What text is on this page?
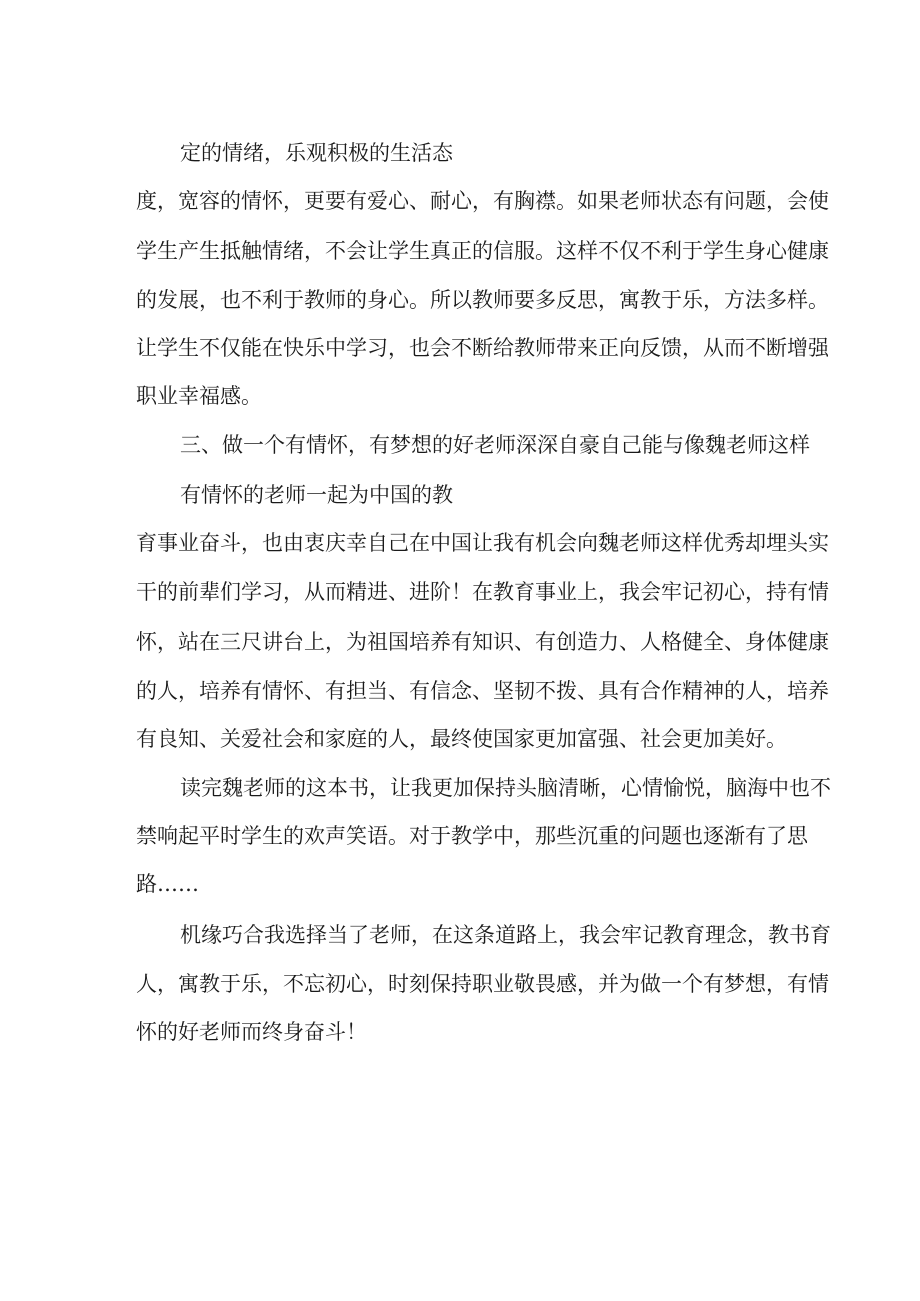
定的情绪，乐观积极的生活态

度，宽容的情怀，更要有爱心、耐心，有胸襟。如果老师状态有问题，会使

学生产生抵触情绪，不会让学生真正的信服。这样不仅不利于学生身心健康

的发展，也不利于教师的身心。所以教师要多反思，寓教于乐，方法多样。

让学生不仅能在快乐中学习，也会不断给教师带来正向反馈，从而不断增强

职业幸福感。

三、做一个有情怀，有梦想的好老师深深自豪自己能与像魏老师这样

有情怀的老师一起为中国的教

育事业奋斗，也由衷庆幸自己在中国让我有机会向魏老师这样优秀却埋头实

干的前辈们学习，从而精进、进阶！在教育事业上，我会牢记初心，持有情

怀，站在三尺讲台上，为祖国培养有知识、有创造力、人格健全、身体健康

的人，培养有情怀、有担当、有信念、坚韧不拨、具有合作精神的人，培养

有良知、关爱社会和家庭的人，最终使国家更加富强、社会更加美好。

读完魏老师的这本书，让我更加保持头脑清晰，心情愉悦，脑海中也不

禁响起平时学生的欢声笑语。对于教学中，那些沉重的问题也逐渐有了思

路……

机缘巧合我选择当了老师，在这条道路上，我会牢记教育理念，教书育

人，寓教于乐，不忘初心，时刻保持职业敬畏感，并为做一个有梦想，有情

怀的好老师而终身奋斗！
